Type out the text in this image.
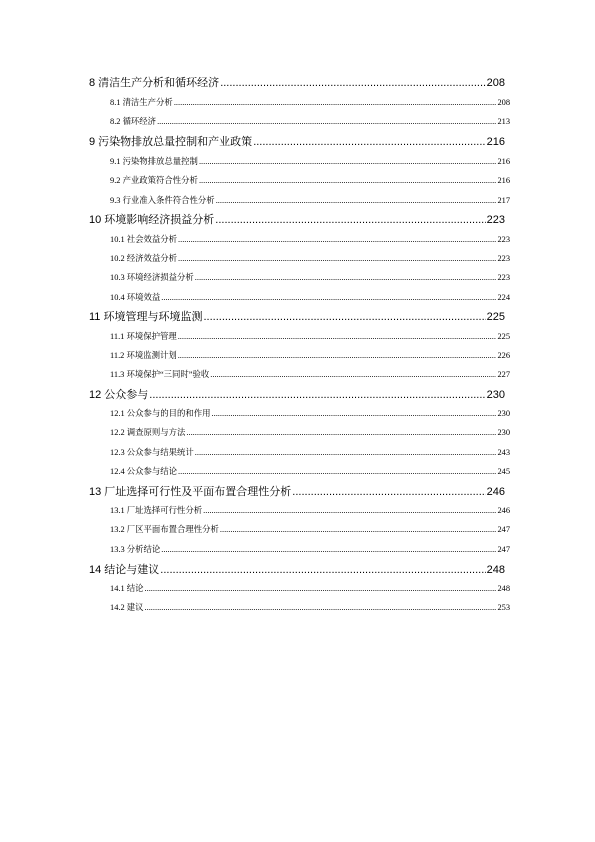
8 清洁生产分析和循环经济 .....	208
8.1 清洁生产分析 .....	208
8.2 循环经济 .....	213
9 污染物排放总量控制和产业政策 .....	216
9.1 污染物排放总量控制 .....	216
9.2 产业政策符合性分析 .....	216
9.3 行业准入条件符合性分析 .....	217
10 环境影响经济损益分析 .....	223
10.1 社会效益分析 .....	223
10.2 经济效益分析 .....	223
10.3 环境经济损益分析 .....	223
10.4 环境效益 .....	224
11 环境管理与环境监测 .....	225
11.1 环境保护管理 .....	225
11.2 环境监测计划 .....	226
11.3 环境保护“三同时”验收 .....	227
12 公众参与 .....	230
12.1 公众参与的目的和作用 .....	230
12.2 调查原则与方法 .....	230
12.3 公众参与结果统计 .....	243
12.4 公众参与结论 .....	245
13 厂址选择可行性及平面布置合理性分析 .....	246
13.1 厂址选择可行性分析 .....	246
13.2 厂区平面布置合理性分析 .....	247
13.3 分析结论 .....	247
14 结论与建议 .....	248
14.1 结论 .....	248
14.2 建议 .....	253
